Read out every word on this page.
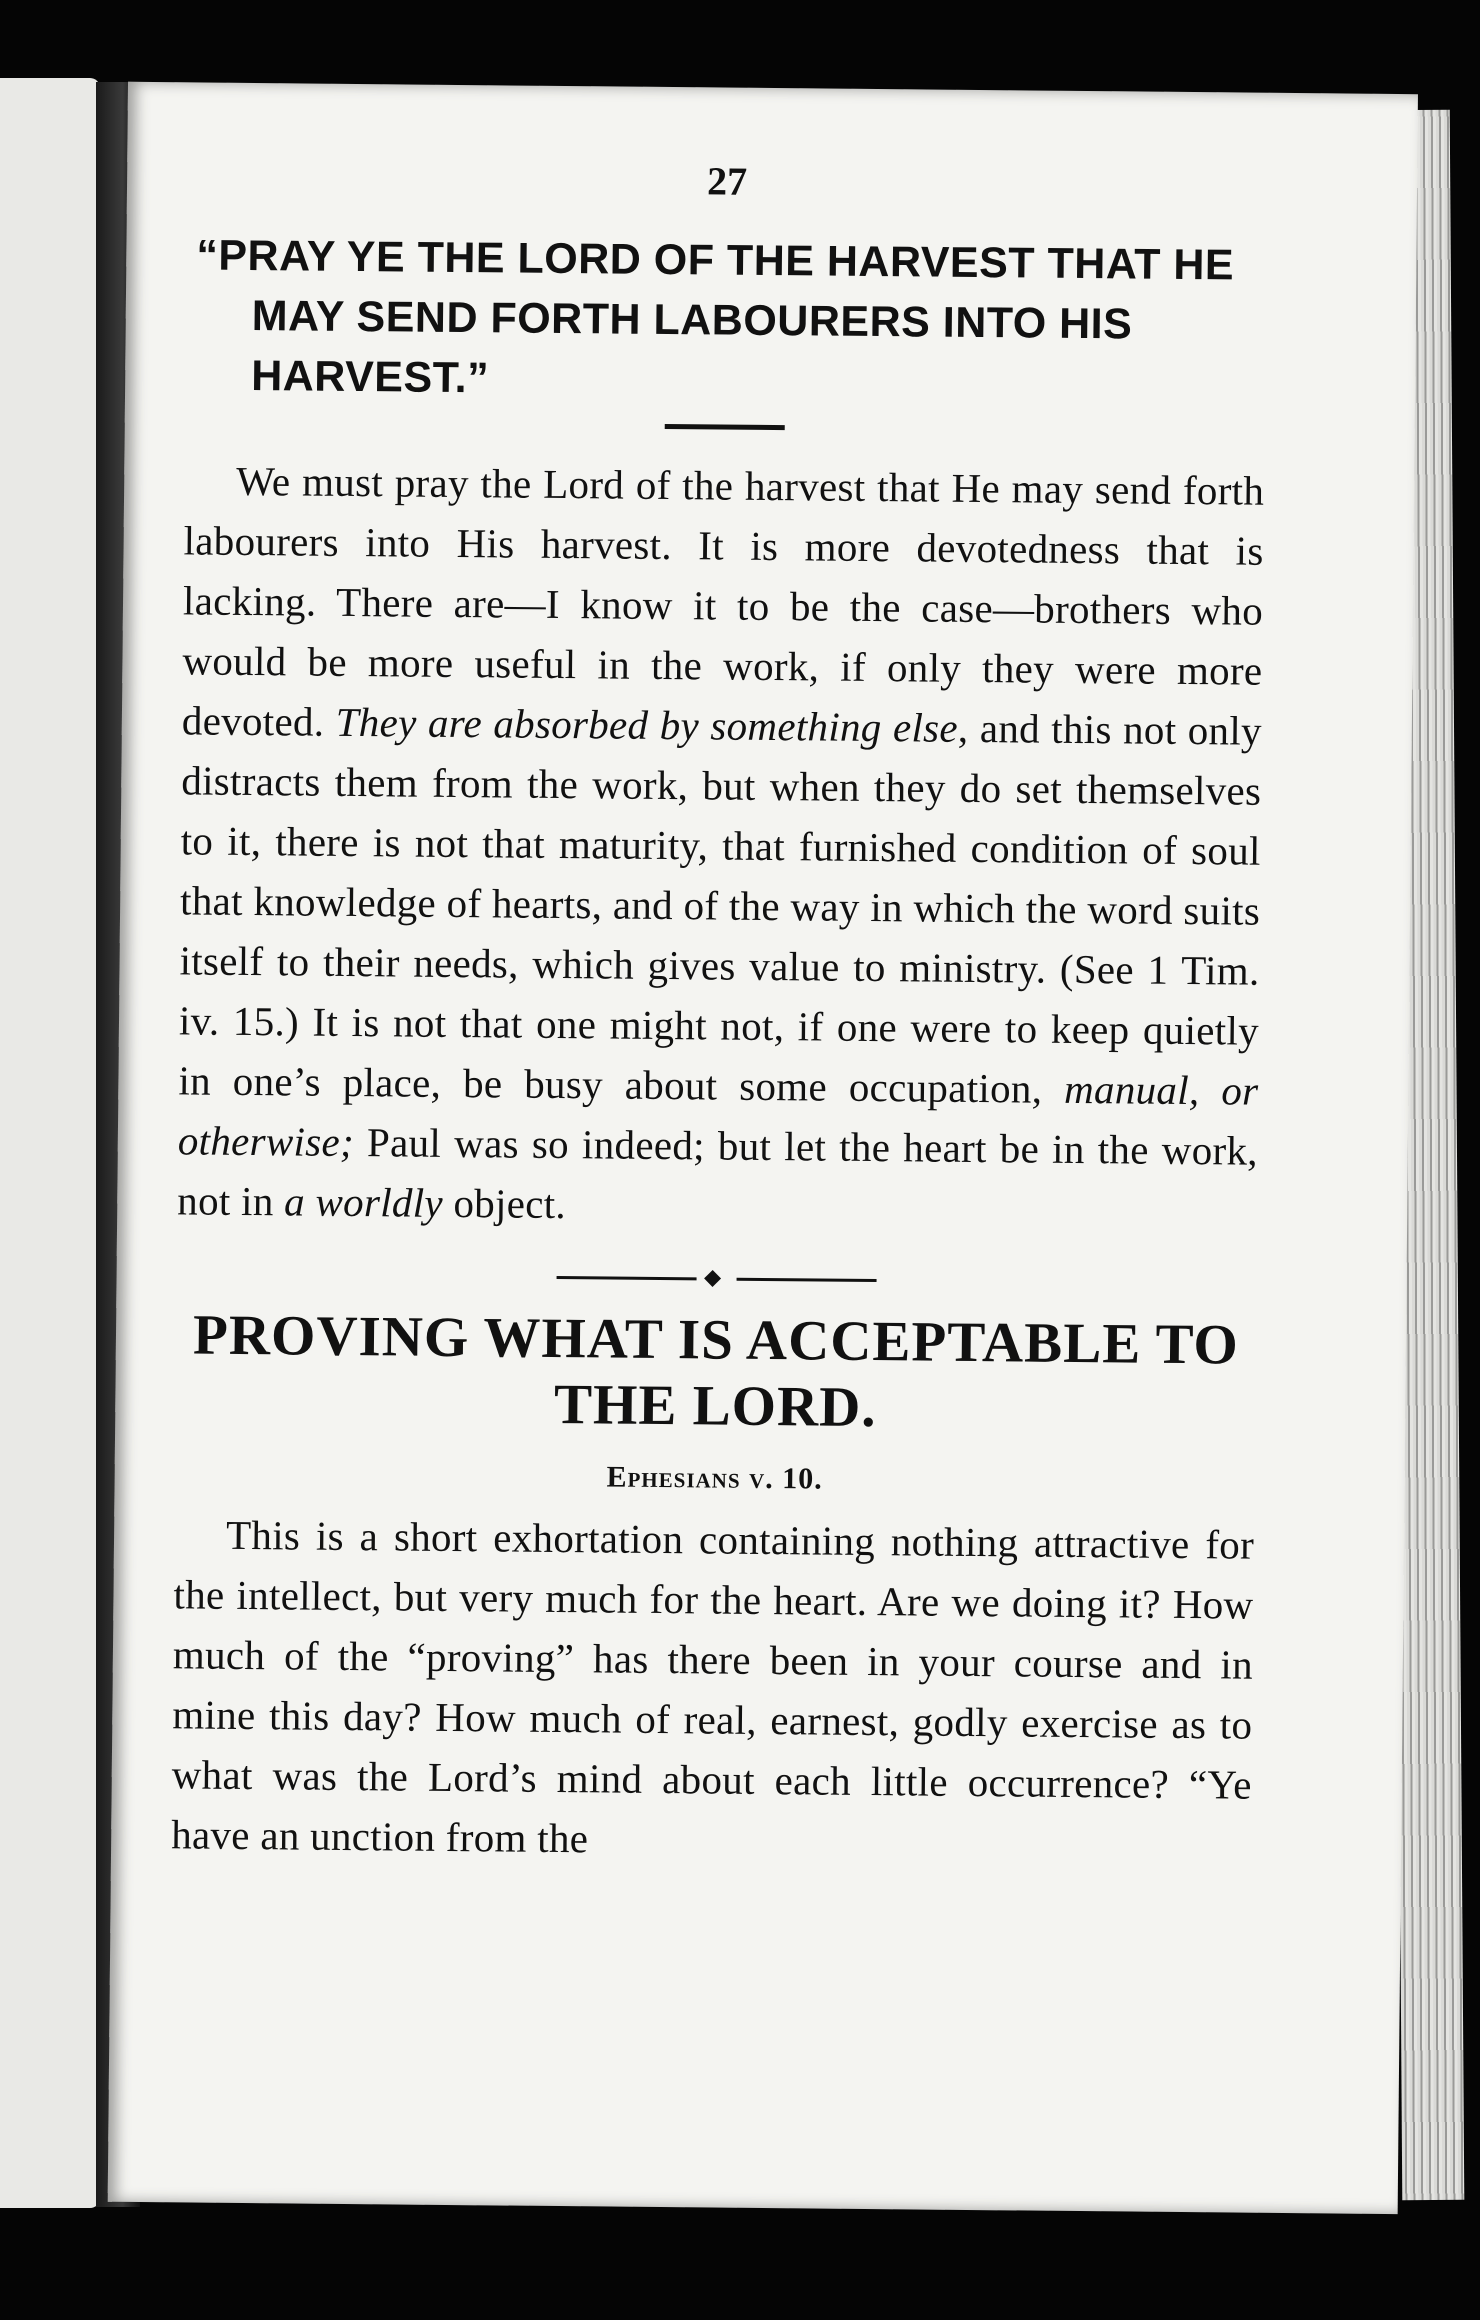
27
“PRAY YE THE LORD OF THE HARVEST THAT HE MAY SEND FORTH LABOURERS INTO HIS HARVEST.”

We must pray the Lord of the harvest that He may send forth labourers into His harvest. It is more devotedness that is lacking. There are—I know it to be the case—brothers who would be more useful in the work, if only they were more devoted. They are absorbed by something else, and this not only distracts them from the work, but when they do set themselves to it, there is not that maturity, that furnished condition of soul that knowledge of hearts, and of the way in which the word suits itself to their needs, which gives value to ministry. (See 1 Tim. iv. 15.) It is not that one might not, if one were to keep quietly in one’s place, be busy about some occupation, manual, or otherwise; Paul was so indeed; but let the heart be in the work, not in a worldly object.

PROVING WHAT IS ACCEPTABLE TO THE LORD.
Ephesians v. 10.

This is a short exhortation containing nothing attractive for the intellect, but very much for the heart. Are we doing it? How much of the “proving” has there been in your course and in mine this day? How much of real, earnest, godly exercise as to what was the Lord’s mind about each little occurrence? “Ye have an unction from the
